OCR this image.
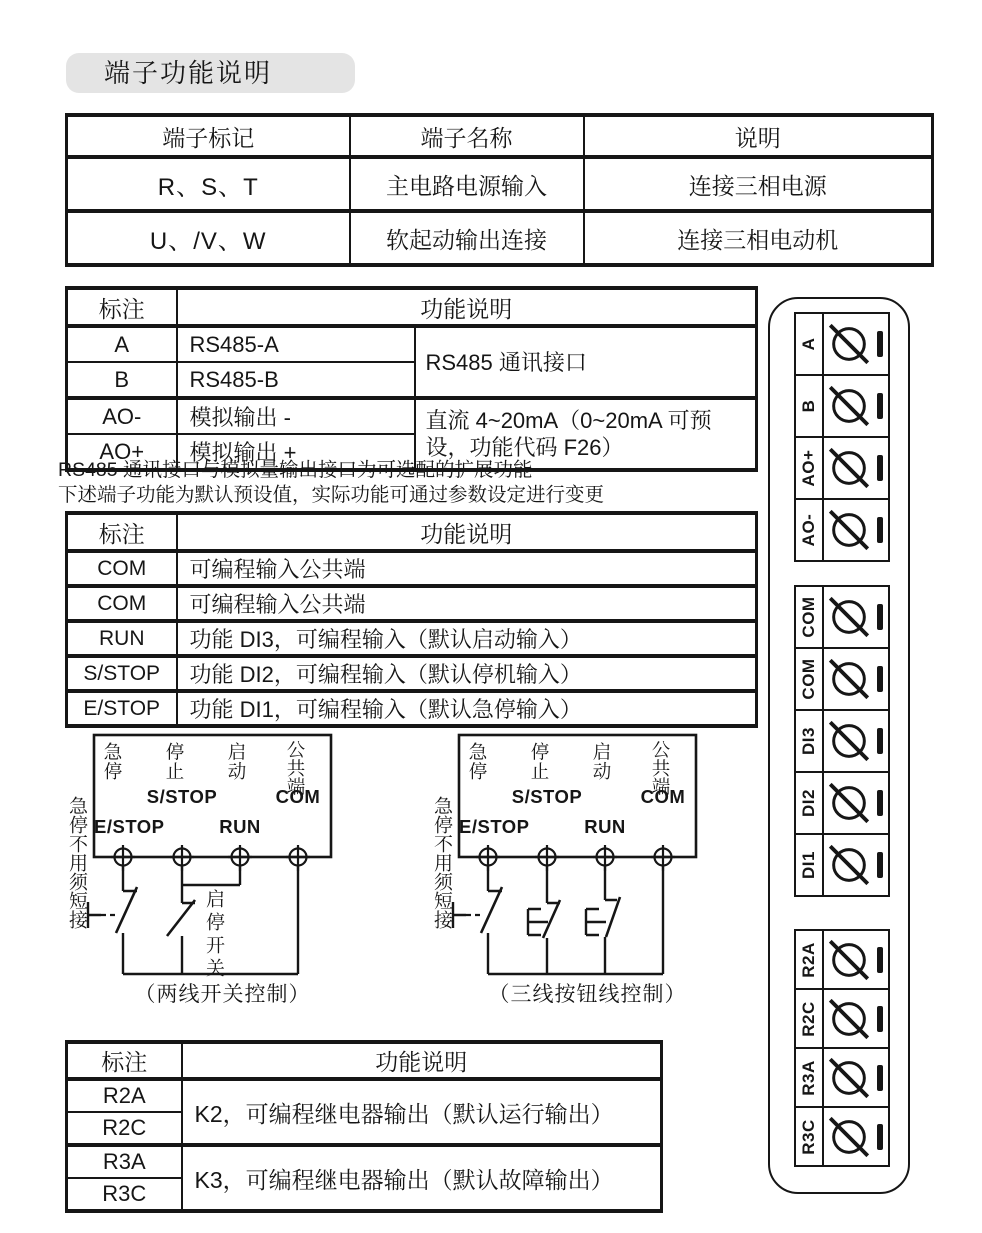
端子功能说明
端子标记	端子名称	说明
R、S、T	主电路电源输入	连接三相电源
U、/V、W	软起动输出连接	连接三相电动机
标注	功能说明	
A	RS485-A	RS485 通讯接口
B	RS485-B	
AO-	模拟输出 -	直流 4~20mA（0~20mA 可预设，功能代码 F26）
AO+	模拟输出 +	
RS485 通讯接口与模拟量输出接口为可选配的扩展功能
下述端子功能为默认预设值，实际功能可通过参数设定进行变更
标注	功能说明
COM	可编程输入公共端
COM	可编程输入公共端
RUN	功能 DI3，可编程输入（默认启动输入）
S/STOP	功能 DI2，可编程输入（默认停机输入）
E/STOP	功能 DI1，可编程输入（默认急停输入）
急停 停止 启动 公共端
S/STOP	COM
E/STOP	RUN
急停不用须短接
启停开关
（两线开关控制）
急停 停止 启动 公共端
S/STOP	COM
E/STOP	RUN
急停不用须短接
（三线按钮线控制）
标注	功能说明
R2A	K2，可编程继电器输出（默认运行输出）
R2C	
R3A	K3，可编程继电器输出（默认故障输出）
R3C	
A
B
AO+
AO-
COM
COM
DI3
DI2
DI1
R2A
R2C
R3A
R3C
